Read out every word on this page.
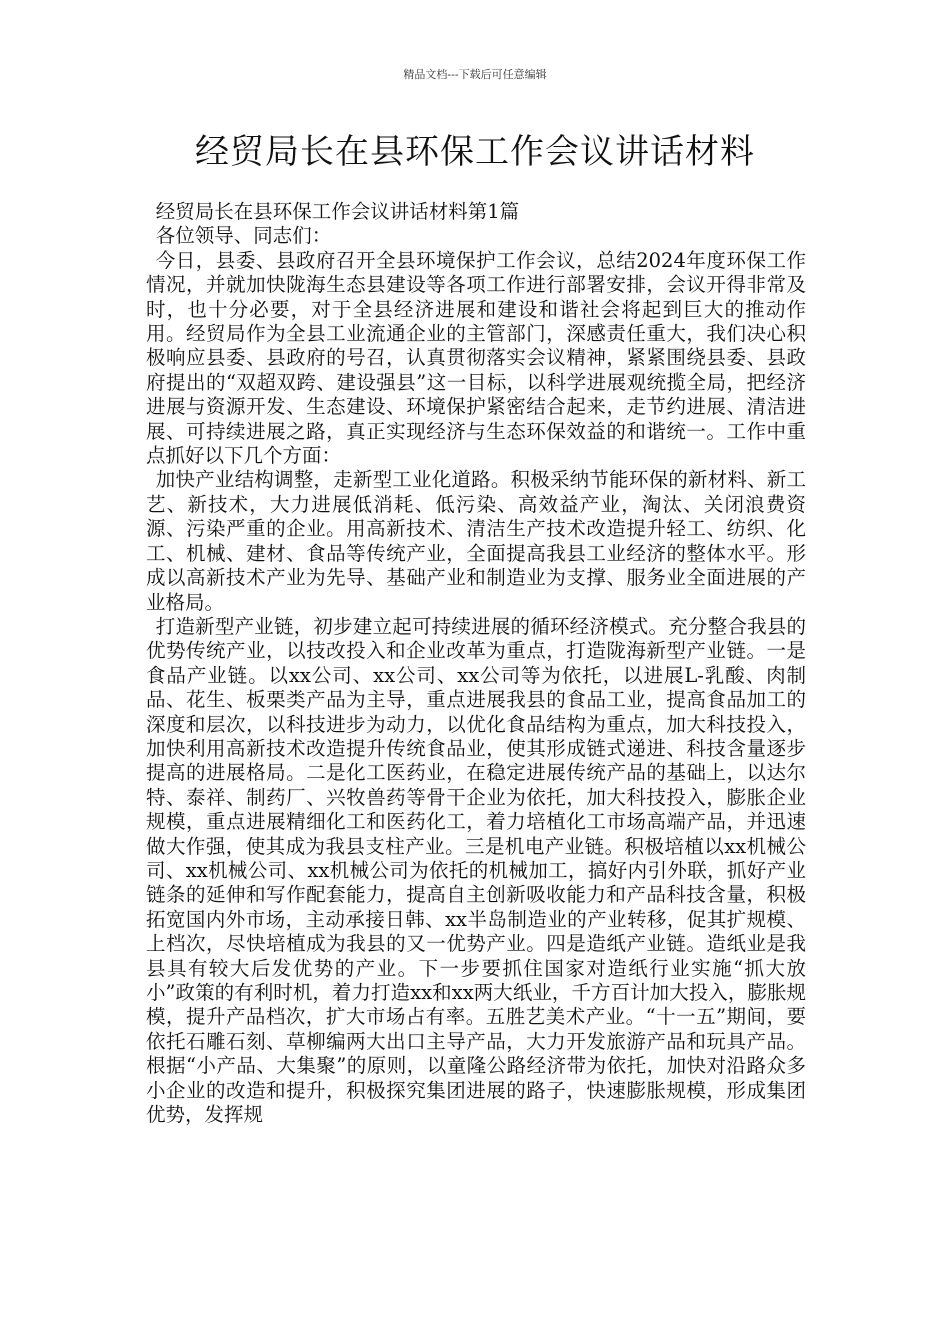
精品文档---下载后可任意编辑
经贸局长在县环保工作会议讲话材料

经贸局长在县环保工作会议讲话材料第1篇

各位领导、同志们：

今日，县委、县政府召开全县环境保护工作会议，总结2024年度环保工作情况，并就加快陇海生态县建设等各项工作进行部署安排，会议开得非常及时，也十分必要，对于全县经济进展和建设和谐社会将起到巨大的推动作用。经贸局作为全县工业流通企业的主管部门，深感责任重大，我们决心积极响应县委、县政府的号召，认真贯彻落实会议精神，紧紧围绕县委、县政府提出的“双超双跨、建设强县”这一目标，以科学进展观统揽全局，把经济进展与资源开发、生态建设、环境保护紧密结合起来，走节约进展、清洁进展、可持续进展之路，真正实现经济与生态环保效益的和谐统一。工作中重点抓好以下几个方面：

加快产业结构调整，走新型工业化道路。积极采纳节能环保的新材料、新工艺、新技术，大力进展低消耗、低污染、高效益产业，淘汰、关闭浪费资源、污染严重的企业。用高新技术、清洁生产技术改造提升轻工、纺织、化工、机械、建材、食品等传统产业，全面提高我县工业经济的整体水平。形成以高新技术产业为先导、基础产业和制造业为支撑、服务业全面进展的产业格局。

打造新型产业链，初步建立起可持续进展的循环经济模式。充分整合我县的优势传统产业，以技改投入和企业改革为重点，打造陇海新型产业链。一是食品产业链。以xx公司、xx公司、xx公司等为依托，以进展L-乳酸、肉制品、花生、板栗类产品为主导，重点进展我县的食品工业，提高食品加工的深度和层次，以科技进步为动力，以优化食品结构为重点，加大科技投入，加快利用高新技术改造提升传统食品业，使其形成链式递进、科技含量逐步提高的进展格局。二是化工医药业，在稳定进展传统产品的基础上，以达尔特、泰祥、制药厂、兴牧兽药等骨干企业为依托，加大科技投入，膨胀企业规模，重点进展精细化工和医药化工，着力培植化工市场高端产品，并迅速做大作强，使其成为我县支柱产业。三是机电产业链。积极培植以xx机械公司、xx机械公司、xx机械公司为依托的机械加工，搞好内引外联，抓好产业链条的延伸和写作配套能力，提高自主创新吸收能力和产品科技含量，积极拓宽国内外市场，主动承接日韩、xx半岛制造业的产业转移，促其扩规模、上档次，尽快培植成为我县的又一优势产业。四是造纸产业链。造纸业是我县具有较大后发优势的产业。下一步要抓住国家对造纸行业实施“抓大放小”政策的有利时机，着力打造xx和xx两大纸业，千方百计加大投入，膨胀规模，提升产品档次，扩大市场占有率。五胜艺美术产业。“十一五”期间，要依托石雕石刻、草柳编两大出口主导产品，大力开发旅游产品和玩具产品。根据“小产品、大集聚”的原则，以童隆公路经济带为依托，加快对沿路众多小企业的改造和提升，积极探究集团进展的路子，快速膨胀规模，形成集团优势，发挥规
